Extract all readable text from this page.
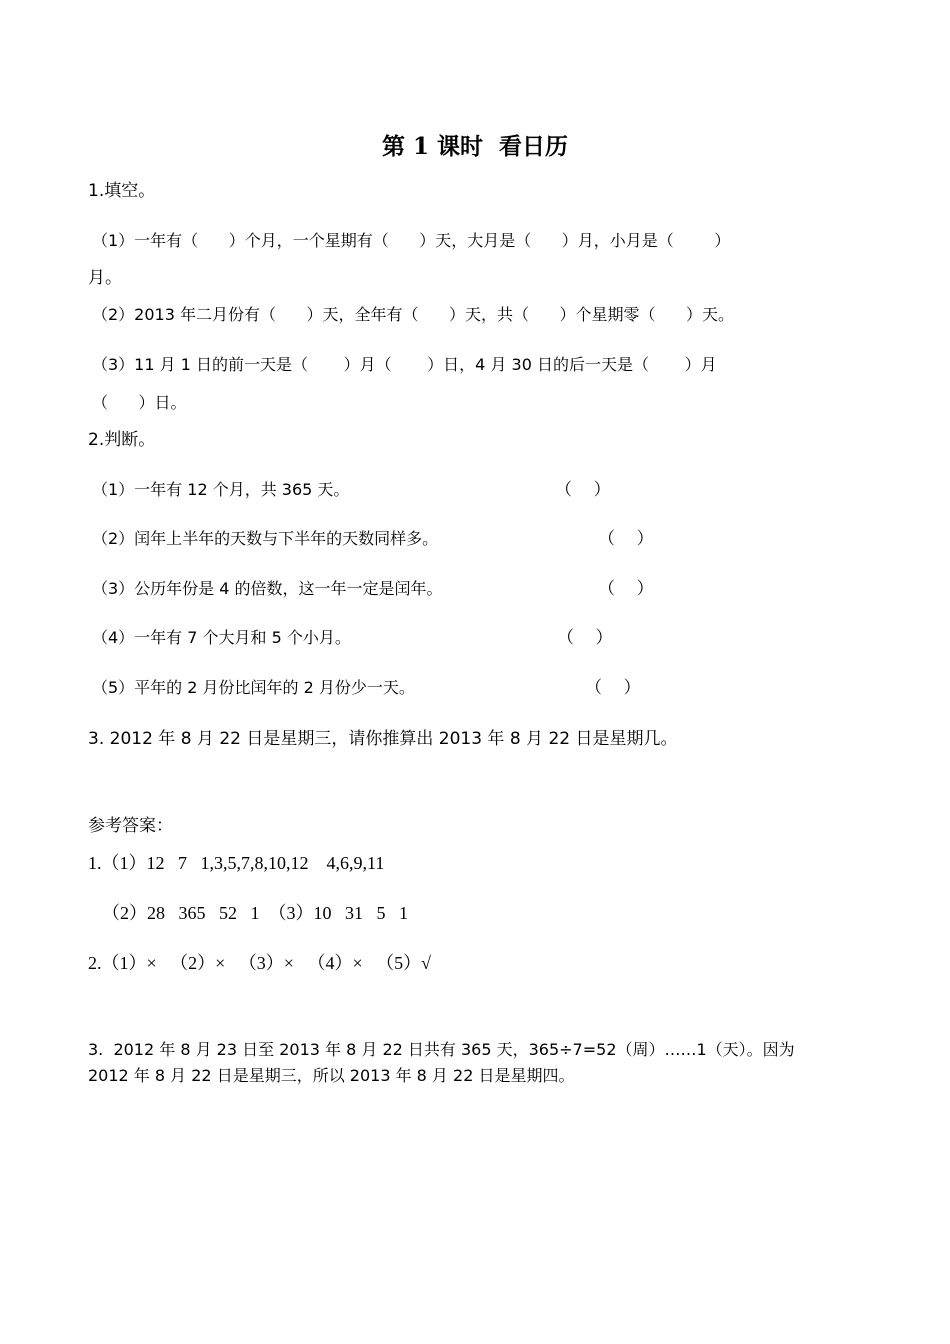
第 1 课时  看日历
1.填空。
（1）一年有（      ）个月，一个星期有（      ）天，大月是（      ）月，小月是（        ）
月。
（2）2013 年二月份有（      ）天，全年有（      ）天，共（      ）个星期零（      ）天。
（3）11 月 1 日的前一天是（       ）月（       ）日，4 月 30 日的后一天是（       ）月
（      ）日。
2.判断。
（1）一年有 12 个月，共 365 天。	（    ）
（2）闰年上半年的天数与下半年的天数同样多。	（    ）
（3）公历年份是 4 的倍数，这一年一定是闰年。	（    ）
（4）一年有 7 个大月和 5 个小月。	（    ）
（5）平年的 2 月份比闰年的 2 月份少一天。	（    ）
3. 2012 年 8 月 22 日是星期三，请你推算出 2013 年 8 月 22 日是星期几。
参考答案：
1.（1）12   7   1,3,5,7,8,10,12    4,6,9,11
（2）28   365   52   1  （3）10   31   5   1
2.（1）×   （2）×   （3）×   （4）×   （5）√
3.  2012 年 8 月 23 日至 2013 年 8 月 22 日共有 365 天，365÷7=52（周）……1（天）。因为
2012 年 8 月 22 日是星期三，所以 2013 年 8 月 22 日是星期四。
